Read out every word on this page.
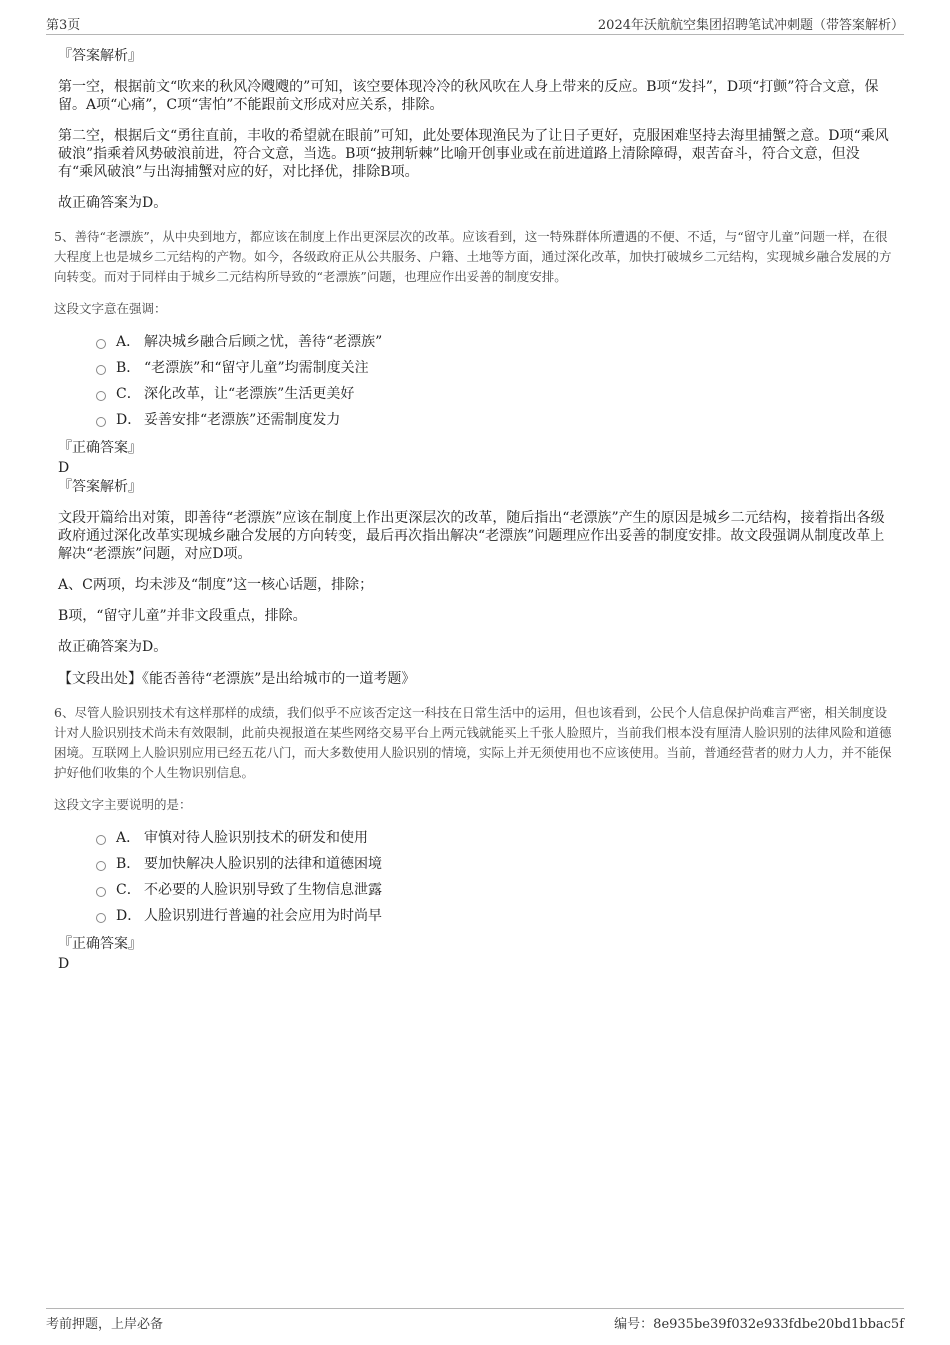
第3页	2024年沃航航空集团招聘笔试冲刺题（带答案解析）
『答案解析』
第一空，根据前文“吹来的秋风冷飕飕的”可知，该空要体现冷冷的秋风吹在人身上带来的反应。B项“发抖”，D项“打颤”符合文意，保留。A项“心痛”，C项“害怕”不能跟前文形成对应关系，排除。
第二空，根据后文“勇往直前，丰收的希望就在眼前”可知，此处要体现渔民为了让日子更好，克服困难坚持去海里捕蟹之意。D项“乘风破浪”指乘着风势破浪前进，符合文意，当选。B项“披荆斩棘”比喻开创事业或在前进道路上清除障碍，艰苦奋斗，符合文意，但没有“乘风破浪”与出海捕蟹对应的好，对比择优，排除B项。
故正确答案为D。
5、善待“老漂族”，从中央到地方，都应该在制度上作出更深层次的改革。应该看到，这一特殊群体所遭遇的不便、不适，与“留守儿童”问题一样，在很大程度上也是城乡二元结构的产物。如今，各级政府正从公共服务、户籍、土地等方面，通过深化改革，加快打破城乡二元结构，实现城乡融合发展的方向转变。而对于同样由于城乡二元结构所导致的“老漂族”问题，也理应作出妥善的制度安排。
这段文字意在强调：
A． 解决城乡融合后顾之忧，善待“老漂族”
B． “老漂族”和“留守儿童”均需制度关注
C． 深化改革，让“老漂族”生活更美好
D． 妥善安排“老漂族”还需制度发力
『正确答案』
D
『答案解析』
文段开篇给出对策，即善待“老漂族”应该在制度上作出更深层次的改革，随后指出“老漂族”产生的原因是城乡二元结构，接着指出各级政府通过深化改革实现城乡融合发展的方向转变，最后再次指出解决“老漂族”问题理应作出妥善的制度安排。故文段强调从制度改革上解决“老漂族”问题，对应D项。
A、C两项，均未涉及“制度”这一核心话题，排除；
B项，“留守儿童”并非文段重点，排除。
故正确答案为D。
【文段出处】《能否善待“老漂族”是出给城市的一道考题》
6、尽管人脸识别技术有这样那样的成绩，我们似乎不应该否定这一科技在日常生活中的运用，但也该看到，公民个人信息保护尚难言严密，相关制度设计对人脸识别技术尚未有效限制，此前央视报道在某些网络交易平台上两元钱就能买上千张人脸照片，当前我们根本没有厘清人脸识别的法律风险和道德困境。互联网上人脸识别应用已经五花八门，而大多数使用人脸识别的情境，实际上并无须使用也不应该使用。当前，普通经营者的财力人力，并不能保护好他们收集的个人生物识别信息。
这段文字主要说明的是：
A． 审慎对待人脸识别技术的研发和使用
B． 要加快解决人脸识别的法律和道德困境
C． 不必要的人脸识别导致了生物信息泄露
D． 人脸识别进行普遍的社会应用为时尚早
『正确答案』
D
考前押题，上岸必备	编号：8e935be39f032e933fdbe20bd1bbac5f
